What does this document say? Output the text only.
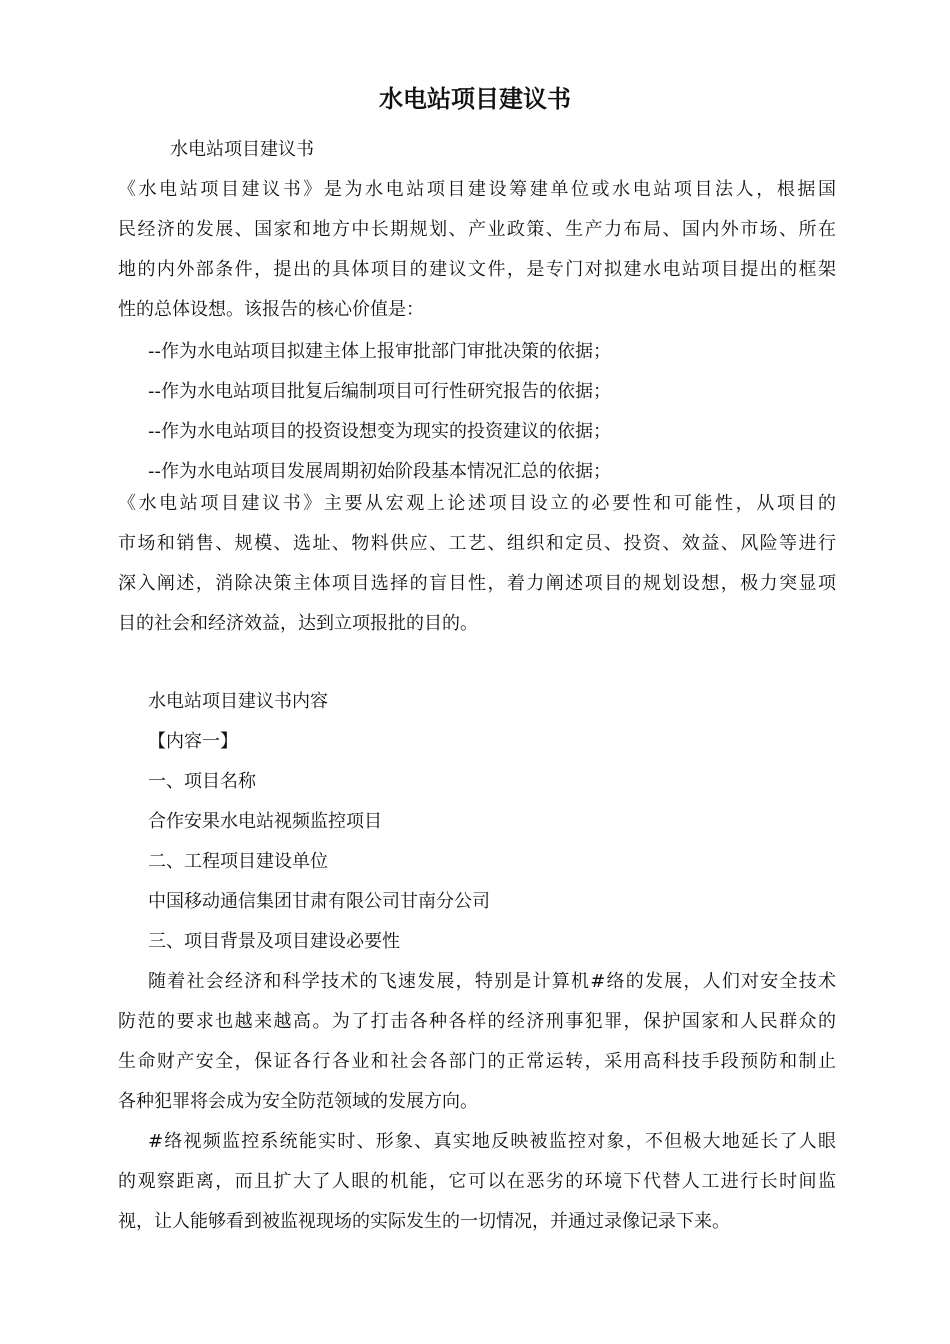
水电站项目建议书

水电站项目建议书

《水电站项目建议书》是为水电站项目建设筹建单位或水电站项目法人，根据国

民经济的发展、国家和地方中长期规划、产业政策、生产力布局、国内外市场、所在

地的内外部条件，提出的具体项目的建议文件，是专门对拟建水电站项目提出的框架

性的总体设想。该报告的核心价值是：

--作为水电站项目拟建主体上报审批部门审批决策的依据；

--作为水电站项目批复后编制项目可行性研究报告的依据；

--作为水电站项目的投资设想变为现实的投资建议的依据；

--作为水电站项目发展周期初始阶段基本情况汇总的依据；

《水电站项目建议书》主要从宏观上论述项目设立的必要性和可能性，从项目的

市场和销售、规模、选址、物料供应、工艺、组织和定员、投资、效益、风险等进行

深入阐述，消除决策主体项目选择的盲目性，着力阐述项目的规划设想，极力突显项

目的社会和经济效益，达到立项报批的目的。

水电站项目建议书内容

【内容一】

一、项目名称

合作安果水电站视频监控项目

二、工程项目建设单位

中国移动通信集团甘肃有限公司甘南分公司

三、项目背景及项目建设必要性

随着社会经济和科学技术的飞速发展，特别是计算机#络的发展，人们对安全技术

防范的要求也越来越高。为了打击各种各样的经济刑事犯罪，保护国家和人民群众的

生命财产安全，保证各行各业和社会各部门的正常运转，采用高科技手段预防和制止

各种犯罪将会成为安全防范领域的发展方向。

#络视频监控系统能实时、形象、真实地反映被监控对象，不但极大地延长了人眼

的观察距离，而且扩大了人眼的机能，它可以在恶劣的环境下代替人工进行长时间监

视，让人能够看到被监视现场的实际发生的一切情况，并通过录像记录下来。
